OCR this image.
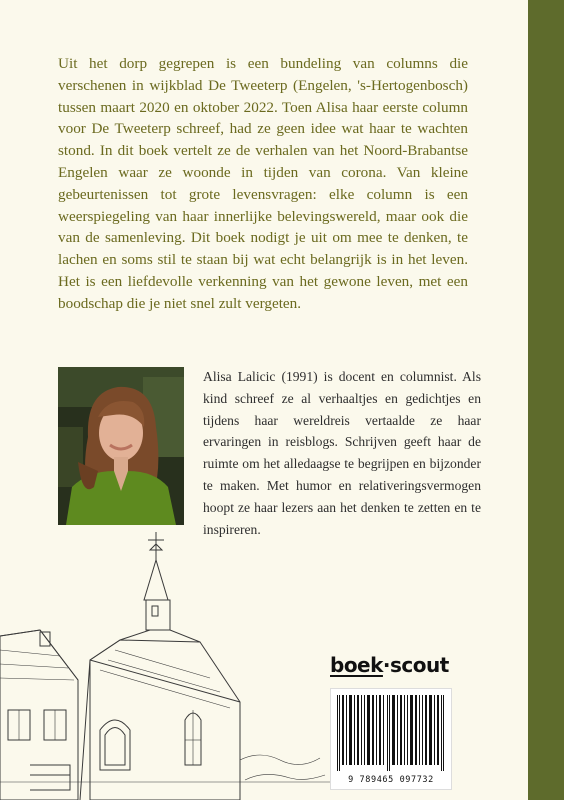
Uit het dorp gegrepen is een bundeling van columns die verschenen in wijkblad De Tweeterp (Engelen, 's-Hertogenbosch) tussen maart 2020 en oktober 2022. Toen Alisa haar eerste column voor De Tweeterp schreef, had ze geen idee wat haar te wachten stond. In dit boek vertelt ze de verhalen van het Noord-Brabantse Engelen waar ze woonde in tijden van corona. Van kleine gebeurtenissen tot grote levensvragen: elke column is een weerspiegeling van haar innerlijke belevingswereld, maar ook die van de samenleving. Dit boek nodigt je uit om mee te denken, te lachen en soms stil te staan bij wat echt belangrijk is in het leven. Het is een liefdevolle verkenning van het gewone leven, met een boodschap die je niet snel zult vergeten.

Alisa Lalicic (1991) is docent en columnist. Als kind schreef ze al verhaaltjes en gedichtjes en tijdens haar wereldreis vertaalde ze haar ervaringen in reisblogs. Schrijven geeft haar de ruimte om het alledaagse te begrijpen en bijzonder te maken. Met humor en relativeringsvermogen hoopt ze haar lezers aan het denken te zetten en te inspireren.

boek·scout
9 789465 097732
